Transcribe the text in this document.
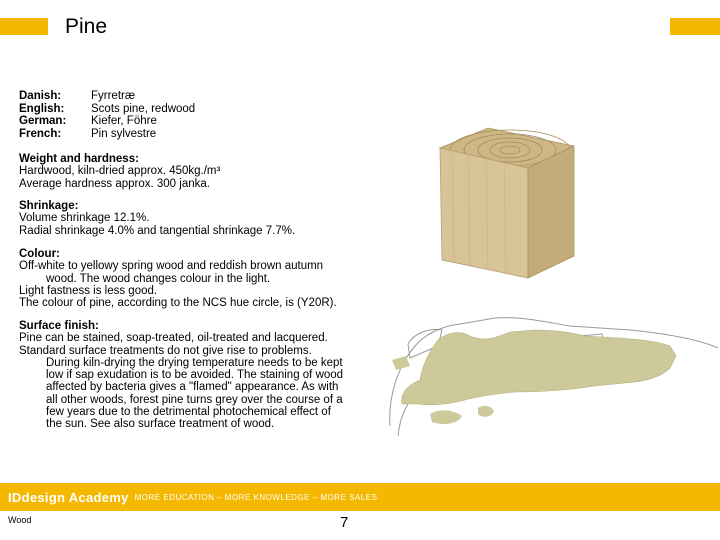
Pine
Danish:	Fyrretræ
English:	Scots pine, redwood
German:	Kiefer, Föhre
French:	Pin sylvestre
Weight and hardness:
Hardwood, kiln-dried approx. 450kg./m³
Average hardness approx. 300 janka.
Shrinkage:
Volume shrinkage 12.1%.
Radial shrinkage 4.0% and tangential shrinkage 7.7%.
Colour:
Off-white to yellowy spring wood and reddish brown autumn
wood. The wood changes colour in the light.
Light fastness is less good.
The colour of pine, according to the NCS hue circle, is (Y20R).
Surface finish:
Pine can be stained, soap-treated, oil-treated and lacquered.
Standard surface treatments do not give rise to problems.
During kiln-drying the drying temperature needs to be kept low if sap exudation is to be avoided. The staining of wood affected by bacteria gives a "flamed" appearance. As with all other woods, forest pine turns grey over the course of a few years due to the detrimental photochemical effect of the sun. See also surface treatment of wood.
IDdesign Academy MORE EDUCATION – MORE KNOWLEDGE – MORE SALES
Wood	7
